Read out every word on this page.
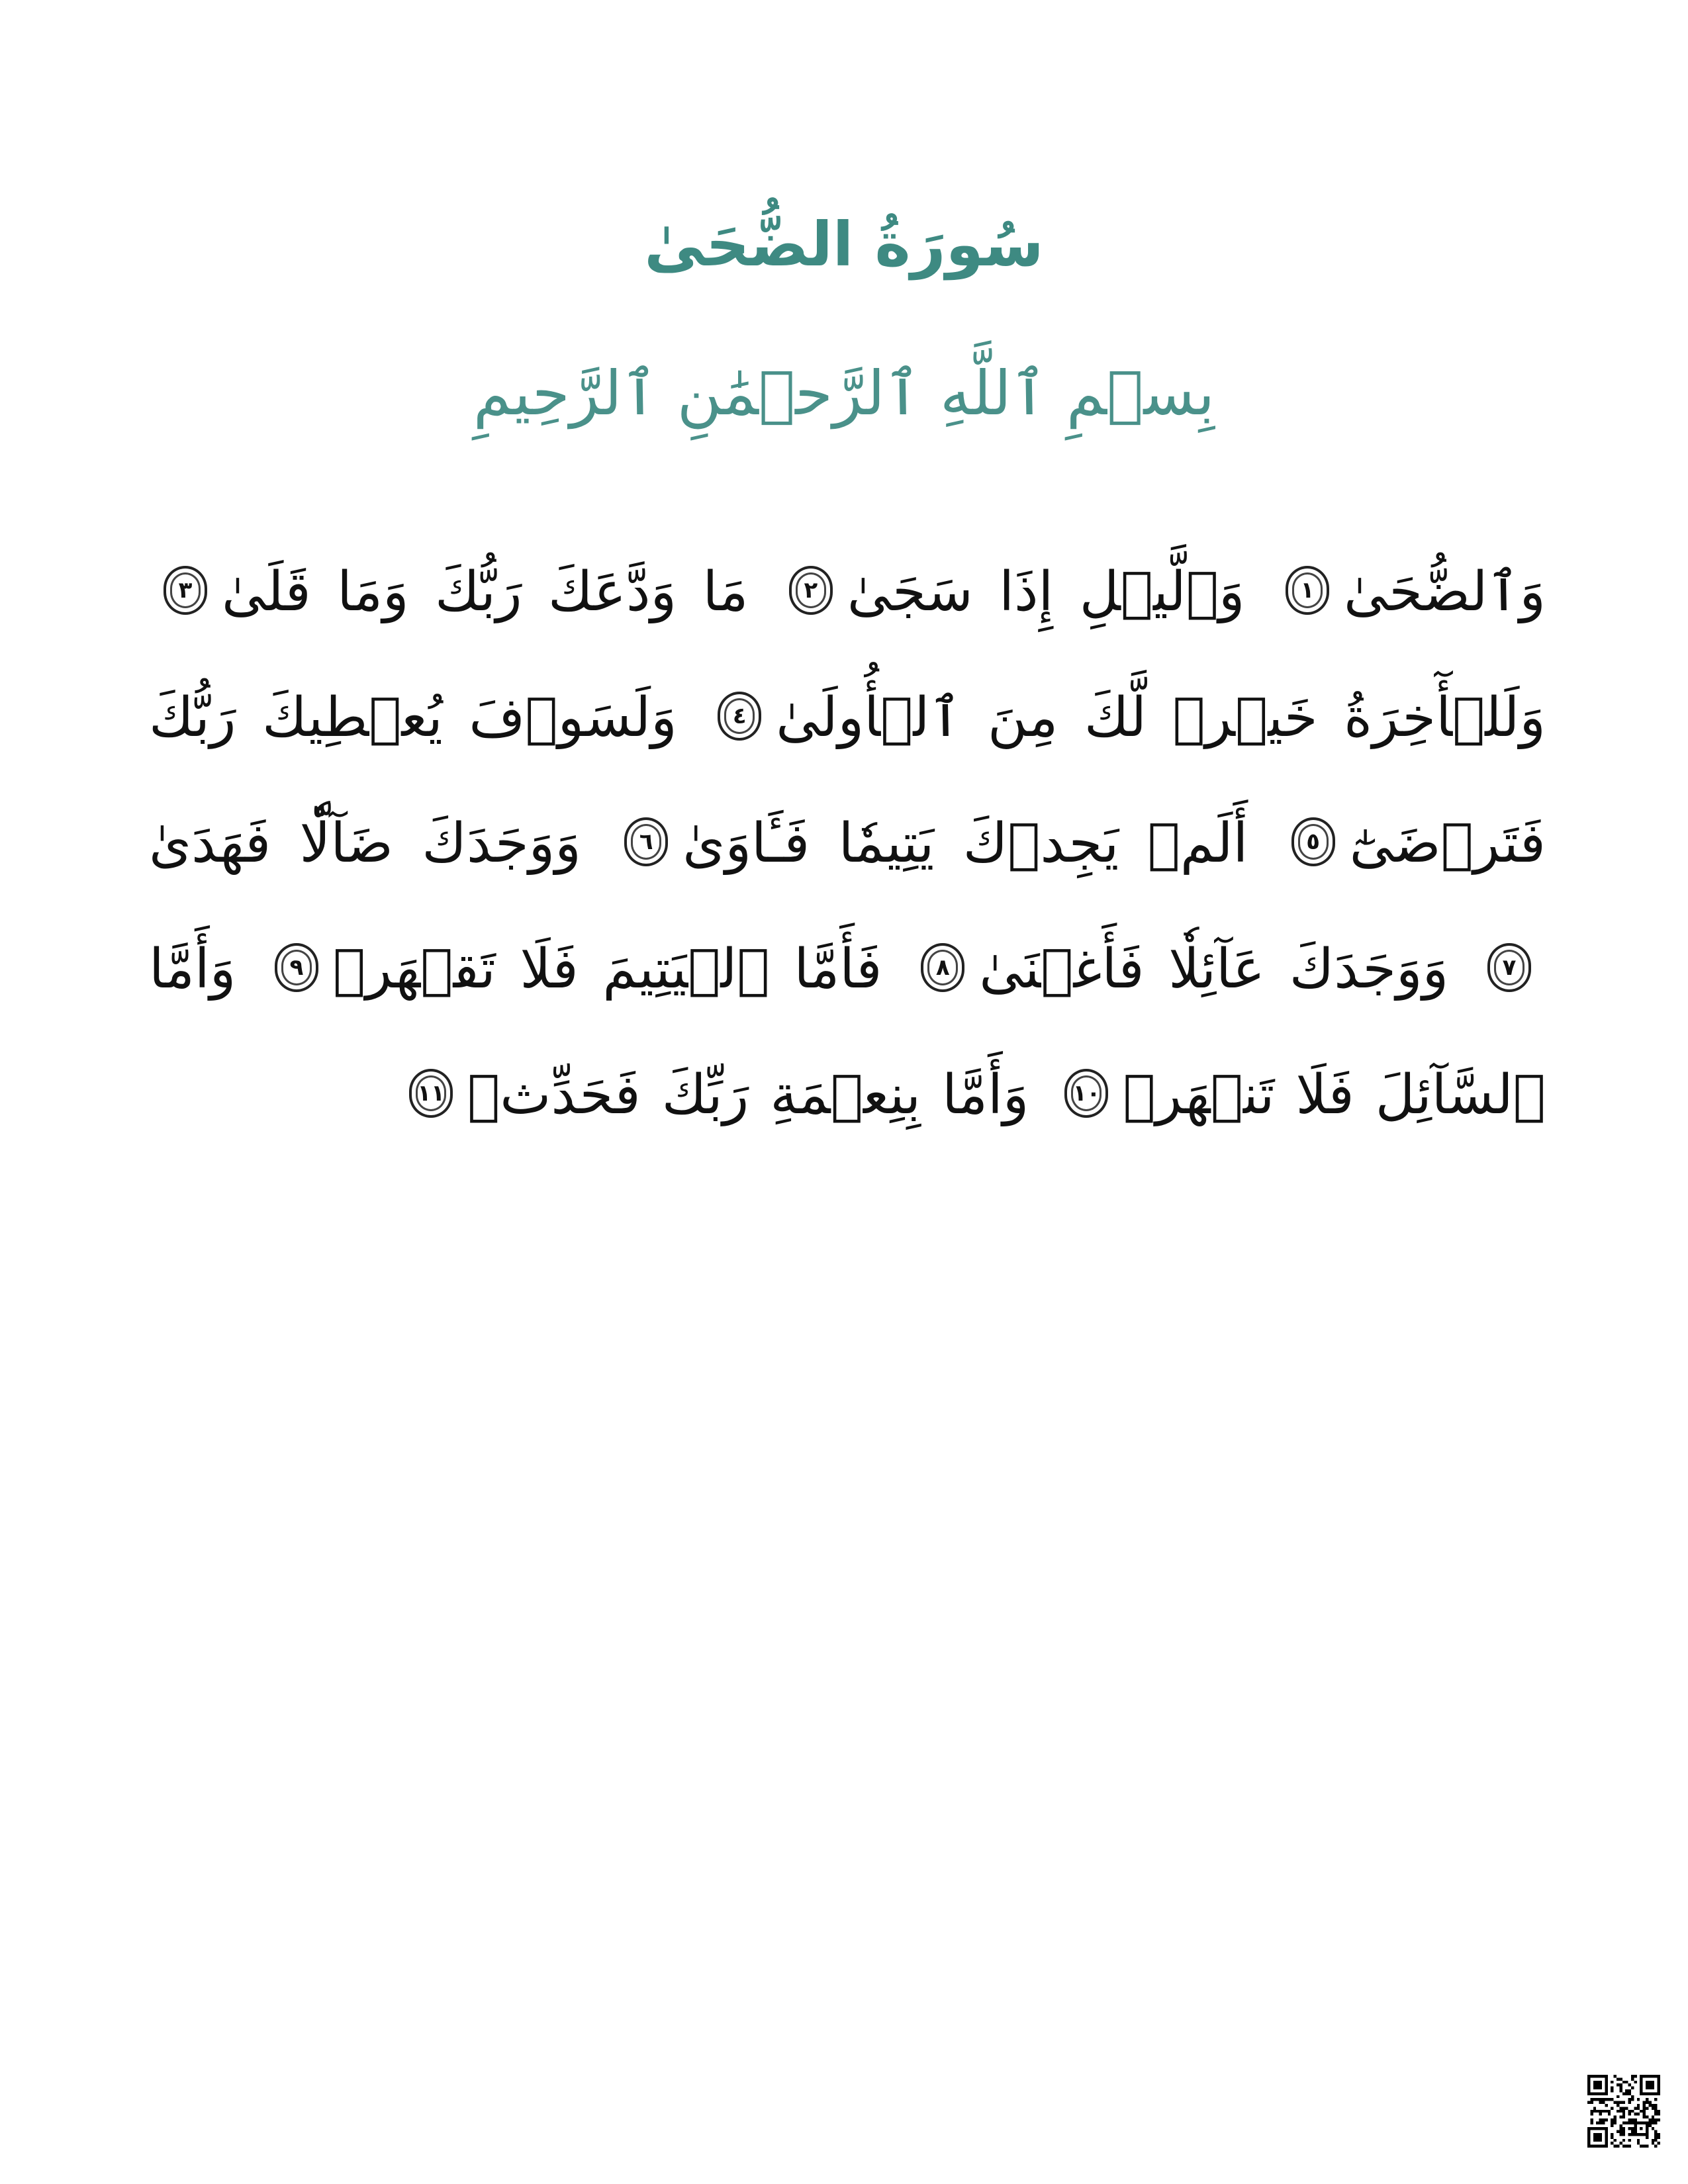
سُورَةُ الضُّحَىٰ
بِسۡمِ ٱللَّهِ ٱلرَّحۡمَٰنِ ٱلرَّحِيمِ
وَٱلضُّحَىٰ١ وَٱلَّيۡلِ إِذَا سَجَىٰ٢ مَا وَدَّعَكَ رَبُّكَ وَمَا قَلَىٰ٣ وَلَلۡأٓخِرَةُ خَيۡرٞ لَّكَ مِنَ ٱلۡأُولَىٰ٤ وَلَسَوۡفَ يُعۡطِيكَ رَبُّكَ فَتَرۡضَىٰٓ٥ أَلَمۡ يَجِدۡكَ يَتِيمٗا فَـَٔاوَىٰ٦ وَوَجَدَكَ ضَآلّٗا فَهَدَىٰ٧ وَوَجَدَكَ عَآئِلٗا فَأَغۡنَىٰ٨ فَأَمَّا ٱلۡيَتِيمَ فَلَا تَقۡهَرۡ٩ وَأَمَّا ٱلسَّآئِلَ فَلَا تَنۡهَرۡ١٠ وَأَمَّا بِنِعۡمَةِ رَبِّكَ فَحَدِّثۡ١١
